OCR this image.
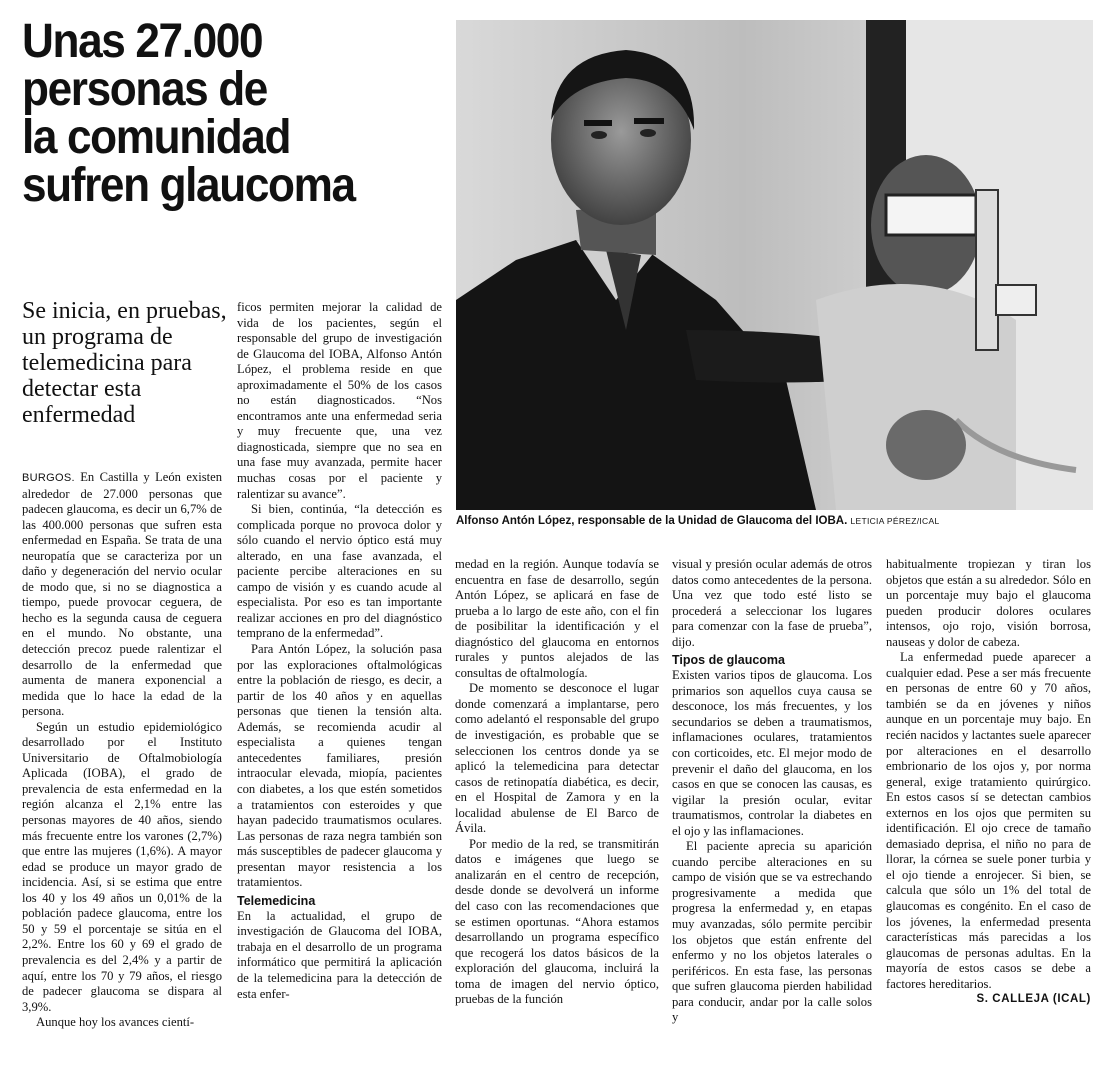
Unas 27.000
personas de
la comunidad
sufren glaucoma
Se inicia, en pruebas, un programa de telemedicina para detectar esta enfermedad
Alfonso Antón López, responsable de la Unidad de Glaucoma del IOBA. LETICIA PÉREZ/ICAL

BURGOS. En Castilla y León existen alrededor de 27.000 personas que padecen glaucoma, es decir un 6,7% de las 400.000 personas que sufren esta enfermedad en España. Se trata de una neuropatía que se caracteriza por un daño y degeneración del nervio ocular de modo que, si no se diagnostica a tiempo, puede provocar ceguera, de hecho es la segunda causa de ceguera en el mundo. No obstante, una detección precoz puede ralentizar el desarrollo de la enfermedad que aumenta de manera exponencial a medida que lo hace la edad de la persona.

Según un estudio epidemiológico desarrollado por el Instituto Universitario de Oftalmobiología Aplicada (IOBA), el grado de prevalencia de esta enfermedad en la región alcanza el 2,1% entre las personas mayores de 40 años, siendo más frecuente entre los varones (2,7%) que entre las mujeres (1,6%). A mayor edad se produce un mayor grado de incidencia. Así, si se estima que entre los 40 y los 49 años un 0,01% de la población padece glaucoma, entre los 50 y 59 el porcentaje se sitúa en el 2,2%. Entre los 60 y 69 el grado de prevalencia es del 2,4% y a partir de aquí, entre los 70 y 79 años, el riesgo de padecer glaucoma se dispara al 3,9%.

Aunque hoy los avances cientí-

ficos permiten mejorar la calidad de vida de los pacientes, según el responsable del grupo de investigación de Glaucoma del IOBA, Alfonso Antón López, el problema reside en que aproximadamente el 50% de los casos no están diagnosticados. “Nos encontramos ante una enfermedad seria y muy frecuente que, una vez diagnosticada, siempre que no sea en una fase muy avanzada, permite hacer muchas cosas por el paciente y ralentizar su avance”.

Si bien, continúa, “la detección es complicada porque no provoca dolor y sólo cuando el nervio óptico está muy alterado, en una fase avanzada, el paciente percibe alteraciones en su campo de visión y es cuando acude al especialista. Por eso es tan importante realizar acciones en pro del diagnóstico temprano de la enfermedad”.

Para Antón López, la solución pasa por las exploraciones oftalmológicas entre la población de riesgo, es decir, a partir de los 40 años y en aquellas personas que tienen la tensión alta. Además, se recomienda acudir al especialista a quienes tengan antecedentes familiares, presión intraocular elevada, miopía, pacientes con diabetes, a los que estén sometidos a tratamientos con esteroides y que hayan padecido traumatismos oculares. Las personas de raza negra también son más susceptibles de padecer glaucoma y presentan mayor resistencia a los tratamientos.

Telemedicina

En la actualidad, el grupo de investigación de Glaucoma del IOBA, trabaja en el desarrollo de un programa informático que permitirá la aplicación de la telemedicina para la detección de esta enfer-

medad en la región. Aunque todavía se encuentra en fase de desarrollo, según Antón López, se aplicará en fase de prueba a lo largo de este año, con el fin de posibilitar la identificación y el diagnóstico del glaucoma en entornos rurales y puntos alejados de las consultas de oftalmología.

De momento se desconoce el lugar donde comenzará a implantarse, pero como adelantó el responsable del grupo de investigación, es probable que se seleccionen los centros donde ya se aplicó la telemedicina para detectar casos de retinopatía diabética, es decir, en el Hospital de Zamora y en la localidad abulense de El Barco de Ávila.

Por medio de la red, se transmitirán datos e imágenes que luego se analizarán en el centro de recepción, desde donde se devolverá un informe del caso con las recomendaciones que se estimen oportunas. “Ahora estamos desarrollando un programa específico que recogerá los datos básicos de la exploración del glaucoma, incluirá la toma de imagen del nervio óptico, pruebas de la función

visual y presión ocular además de otros datos como antecedentes de la persona. Una vez que todo esté listo se procederá a seleccionar los lugares para comenzar con la fase de prueba”, dijo.

Tipos de glaucoma

Existen varios tipos de glaucoma. Los primarios son aquellos cuya causa se desconoce, los más frecuentes, y los secundarios se deben a traumatismos, inflamaciones oculares, tratamientos con corticoides, etc. El mejor modo de prevenir el daño del glaucoma, en los casos en que se conocen las causas, es vigilar la presión ocular, evitar traumatismos, controlar la diabetes en el ojo y las inflamaciones.

El paciente aprecia su aparición cuando percibe alteraciones en su campo de visión que se va estrechando progresivamente a medida que progresa la enfermedad y, en etapas muy avanzadas, sólo permite percibir los objetos que están enfrente del enfermo y no los objetos laterales o periféricos. En esta fase, las personas que sufren glaucoma pierden habilidad para conducir, andar por la calle solos y

habitualmente tropiezan y tiran los objetos que están a su alrededor. Sólo en un porcentaje muy bajo el glaucoma pueden producir dolores oculares intensos, ojo rojo, visión borrosa, nauseas y dolor de cabeza.

La enfermedad puede aparecer a cualquier edad. Pese a ser más frecuente en personas de entre 60 y 70 años, también se da en jóvenes y niños aunque en un porcentaje muy bajo. En recién nacidos y lactantes suele aparecer por alteraciones en el desarrollo embrionario de los ojos y, por norma general, exige tratamiento quirúrgico. En estos casos sí se detectan cambios externos en los ojos que permiten su identificación. El ojo crece de tamaño demasiado deprisa, el niño no para de llorar, la córnea se suele poner turbia y el ojo tiende a enrojecer. Si bien, se calcula que sólo un 1% del total de glaucomas es congénito. En el caso de los jóvenes, la enfermedad presenta características más parecidas a los glaucomas de personas adultas. En la mayoría de estos casos se debe a factores hereditarios.

S. CALLEJA (ICAL)
